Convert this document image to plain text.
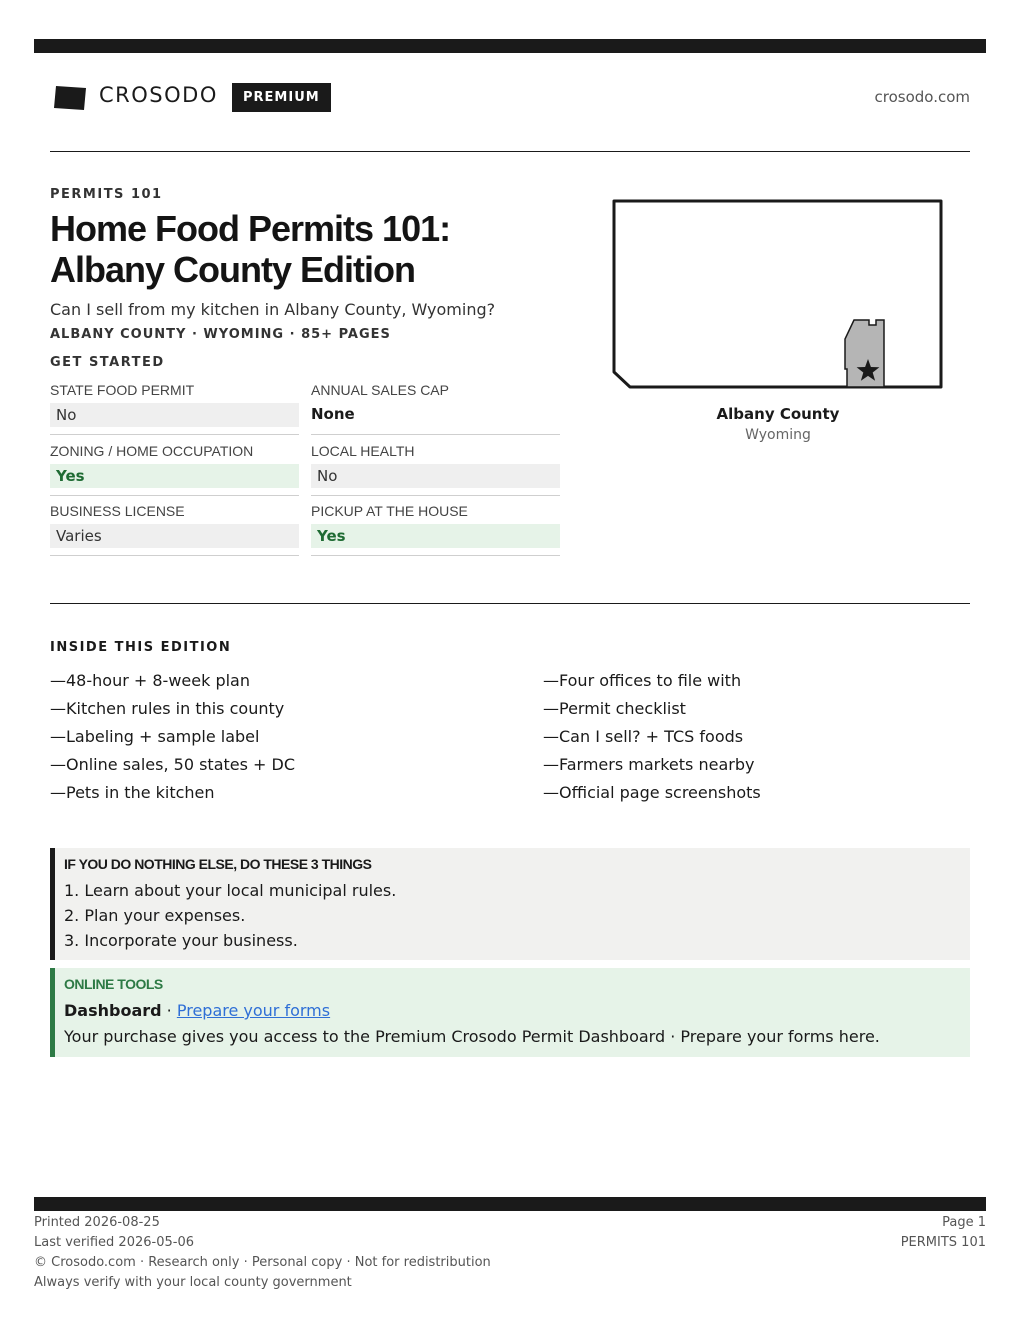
CROSODO	PREMIUM	crosodo.com
PERMITS 101
Home Food Permits 101: Albany County Edition
Can I sell from my kitchen in Albany County, Wyoming?
ALBANY COUNTY · WYOMING · 85+ PAGES
GET STARTED
STATE FOOD PERMIT
No
ANNUAL SALES CAP
None
ZONING / HOME OCCUPATION
Yes
LOCAL HEALTH
No
BUSINESS LICENSE
Varies
PICKUP AT THE HOUSE
Yes
Albany County
Wyoming
INSIDE THIS EDITION
—48-hour + 8-week plan
—Kitchen rules in this county
—Labeling + sample label
—Online sales, 50 states + DC
—Pets in the kitchen
—Four offices to file with
—Permit checklist
—Can I sell? + TCS foods
—Farmers markets nearby
—Official page screenshots
IF YOU DO NOTHING ELSE, DO THESE 3 THINGS
1. Learn about your local municipal rules.
2. Plan your expenses.
3. Incorporate your business.
ONLINE TOOLS
Dashboard · Prepare your forms
Your purchase gives you access to the Premium Crosodo Permit Dashboard · Prepare your forms here.
Printed 2026-08-25
Last verified 2026-05-06
© Crosodo.com · Research only · Personal copy · Not for redistribution
Always verify with your local county government
Page 1
PERMITS 101
